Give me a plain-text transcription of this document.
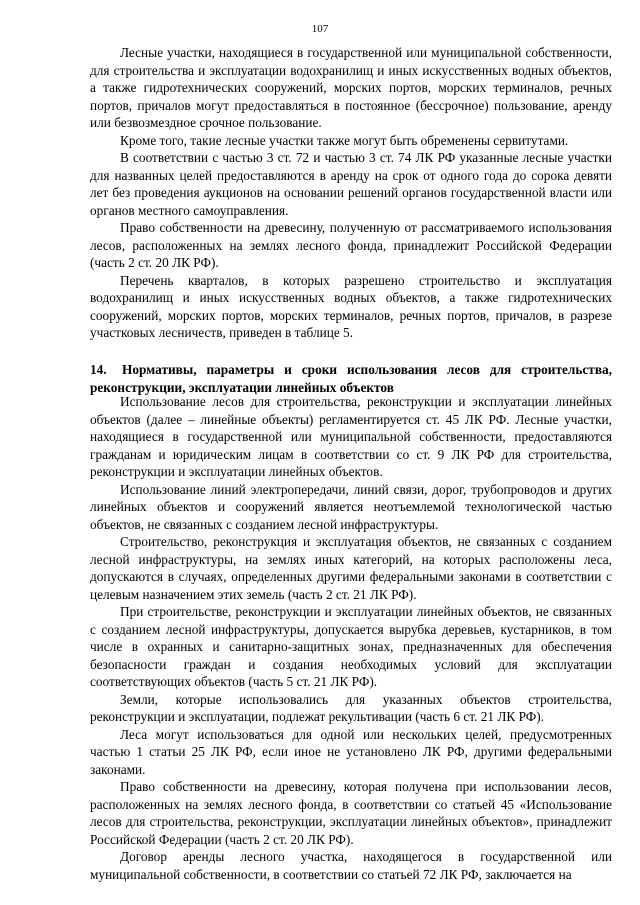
107

Лесные участки, находящиеся в государственной или муниципальной собственности, для строительства и эксплуатации водохранилищ и иных искусственных водных объектов, а также гидротехнических сооружений, морских портов, морских терминалов, речных портов, причалов могут предоставляться в постоянное (бессрочное) пользование, аренду или безвозмездное срочное пользование.

Кроме того, такие лесные участки также могут быть обременены сервитутами.

В соответствии с частью 3 ст. 72 и частью 3 ст. 74 ЛК РФ указанные лесные участки для названных целей предоставляются в аренду на срок от одного года до сорока девяти лет без проведения аукционов на основании решений органов государственной власти или органов местного самоуправления.

Право собственности на древесину, полученную от рассматриваемого использования лесов, расположенных на землях лесного фонда, принадлежит Российской Федерации (часть 2 ст. 20 ЛК РФ).

Перечень кварталов, в которых разрешено строительство и эксплуатация водохранилищ и иных искусственных водных объектов, а также гидротехнических сооружений, морских портов, морских терминалов, речных портов, причалов, в разрезе участковых лесничеств, приведен в таблице 5.

14. Нормативы, параметры и сроки использования лесов для строительства, реконструкции, эксплуатации линейных объектов

Использование лесов для строительства, реконструкции и эксплуатации линейных объектов (далее – линейные объекты) регламентируется ст. 45 ЛК РФ. Лесные участки, находящиеся в государственной или муниципальной собственности, предоставляются гражданам и юридическим лицам в соответствии со ст. 9 ЛК РФ для строительства, реконструкции и эксплуатации линейных объектов.

Использование линий электропередачи, линий связи, дорог, трубопроводов и других линейных объектов и сооружений является неотъемлемой технологической частью объектов, не связанных с созданием лесной инфраструктуры.

Строительство, реконструкция и эксплуатация объектов, не связанных с созданием лесной инфраструктуры, на землях иных категорий, на которых расположены леса, допускаются в случаях, определенных другими федеральными законами в соответствии с целевым назначением этих земель (часть 2 ст. 21 ЛК РФ).

При строительстве, реконструкции и эксплуатации линейных объектов, не связанных с созданием лесной инфраструктуры, допускается вырубка деревьев, кустарников, в том числе в охранных и санитарно-защитных зонах, предназначенных для обеспечения безопасности граждан и создания необходимых условий для эксплуатации соответствующих объектов (часть 5 ст. 21 ЛК РФ).

Земли, которые использовались для указанных объектов строительства, реконструкции и эксплуатации, подлежат рекультивации (часть 6 ст. 21 ЛК РФ).

Леса могут использоваться для одной или нескольких целей, предусмотренных частью 1 статьи 25 ЛК РФ, если иное не установлено ЛК РФ, другими федеральными законами.

Право собственности на древесину, которая получена при использовании лесов, расположенных на землях лесного фонда, в соответствии со статьей 45 «Использование лесов для строительства, реконструкции, эксплуатации линейных объектов», принадлежит Российской Федерации (часть 2 ст. 20 ЛК РФ).

Договор аренды лесного участка, находящегося в государственной или муниципальной собственности, в соответствии со статьей 72 ЛК РФ, заключается на
